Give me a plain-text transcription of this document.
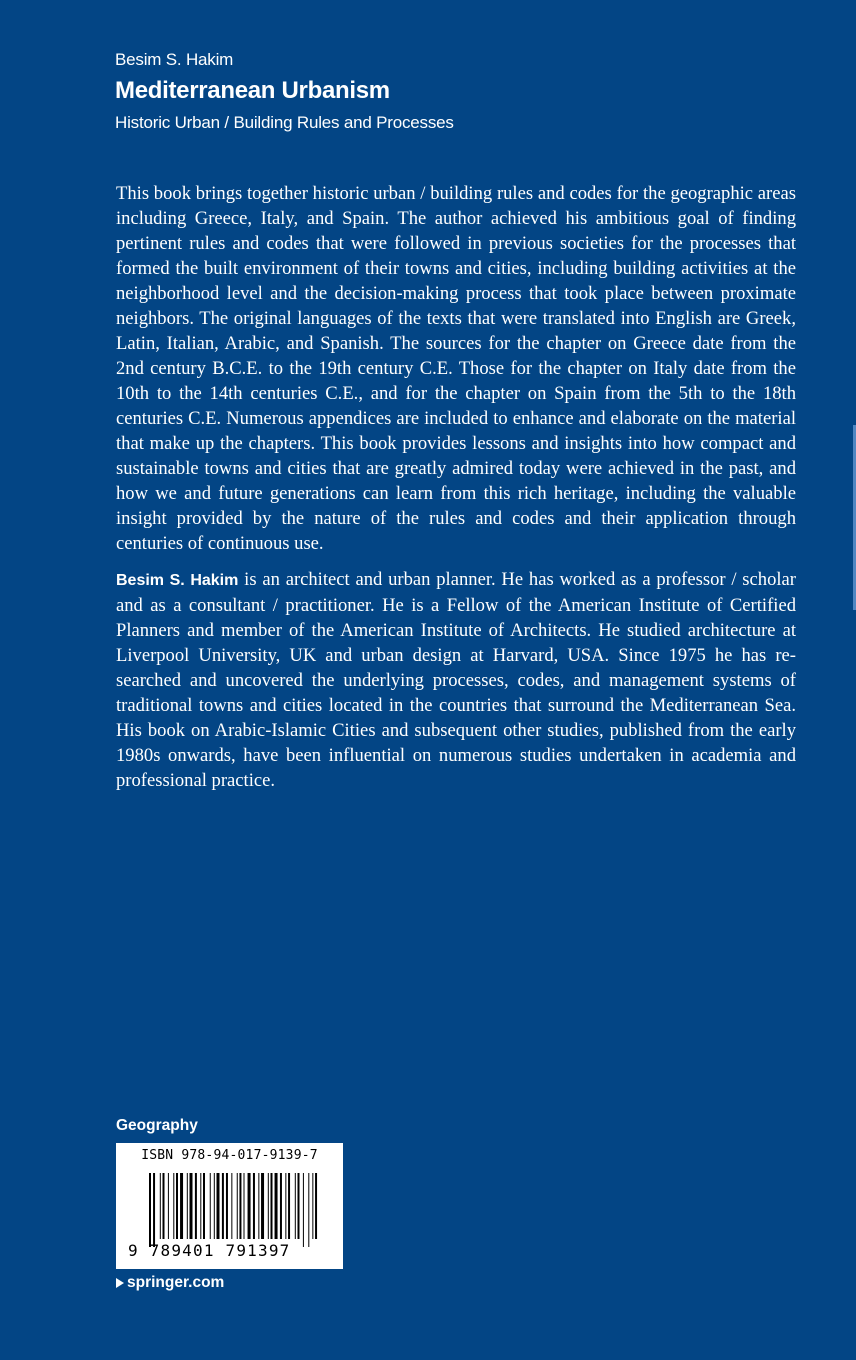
Besim S. Hakim
Mediterranean Urbanism
Historic Urban / Building Rules and Processes

This book brings together historic urban / building rules and codes for the geographic areas including Greece, Italy, and Spain. The author achieved his ambitious goal of finding pertinent rules and codes that were followed in previous societies for the processes that formed the built environment of their towns and cities, including building activities at the neighborhood level and the decision-making process that took place between proximate neighbors. The original languages of the texts that were translated into English are Greek, Latin, Italian, Arabic, and Spanish. The sources for the chapter on Greece date from the 2nd century B.C.E. to the 19th century C.E. Those for the chapter on Italy date from the 10th to the 14th centuries C.E., and for the chapter on Spain from the 5th to the 18th centuries C.E. Numerous appendices are included to enhance and elaborate on the material that make up the chapters. This book provides lessons and insights into how compact and sustainable towns and cities that are greatly admired today were achieved in the past, and how we and future generations can learn from this rich heritage, including the valuable insight provided by the nature of the rules and codes and their application through centuries of continuous use.

Besim S. Hakim is an architect and urban planner. He has worked as a professor / scholar and as a consultant / practitioner. He is a Fellow of the American Institute of Certified Planners and member of the American Institute of Architects. He studied architecture at Liverpool University, UK and urban design at Harvard, USA. Since 1975 he has researched and uncovered the underlying processes, codes, and management systems of traditional towns and cities located in the countries that surround the Mediterranean Sea. His book on Arabic-Islamic Cities and subsequent other studies, published from the early 1980s onwards, have been influential on numerous studies undertaken in academia and professional practice.

Geography
ISBN 978-94-017-9139-7
9 789401 791397
springer.com
